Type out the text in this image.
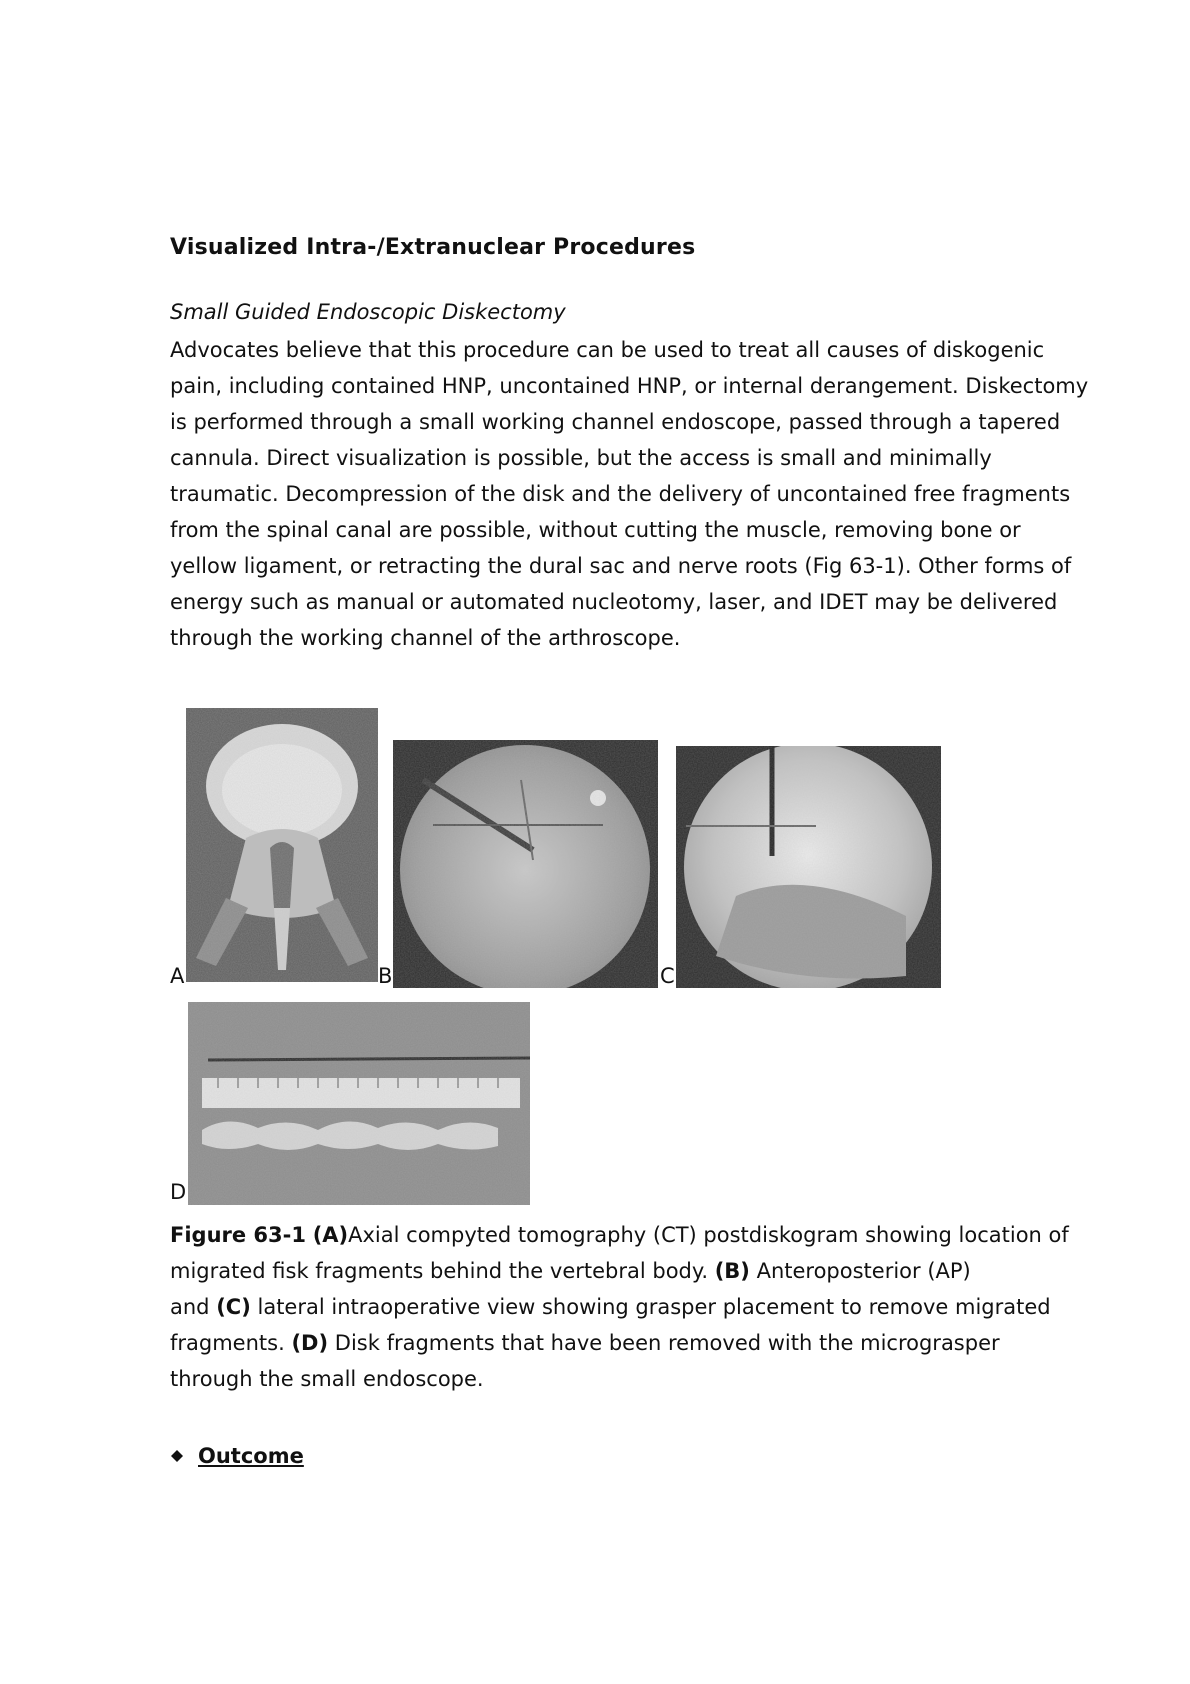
Visualized Intra-/Extranuclear Procedures
Small Guided Endoscopic Diskectomy
Advocates believe that this procedure can be used to treat all causes of diskogenic
pain, including contained HNP, uncontained HNP, or internal derangement. Diskectomy
is performed through a small working channel endoscope, passed through a tapered
cannula. Direct visualization is possible, but the access is small and minimally
traumatic. Decompression of the disk and the delivery of uncontained free fragments
from the spinal canal are possible, without cutting the muscle, removing bone or
yellow ligament, or retracting the dural sac and nerve roots (Fig 63-1). Other forms of
energy such as manual or automated nucleotomy, laser, and IDET may be delivered
through the working channel of the arthroscope.
A	B	C
D
Figure 63-1 (A)Axial compyted tomography (CT) postdiskogram showing location of
migrated fisk fragments behind the vertebral body. (B) Anteroposterior (AP)
and (C) lateral intraoperative view showing grasper placement to remove migrated
fragments. (D) Disk fragments that have been removed with the micrograsper
through the small endoscope.
Outcome
